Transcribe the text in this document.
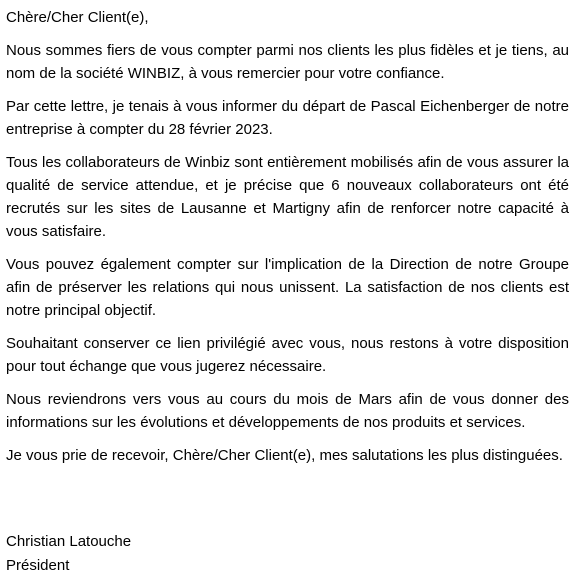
Chère/Cher Client(e),

Nous sommes fiers de vous compter parmi nos clients les plus fidèles et je tiens, au nom de la société WINBIZ, à vous remercier pour votre confiance.

Par cette lettre, je tenais à vous informer du départ de Pascal Eichenberger de notre entreprise à compter du 28 février 2023.

Tous les collaborateurs de Winbiz sont entièrement mobilisés afin de vous assurer la qualité de service attendue, et je précise que 6 nouveaux collaborateurs ont été recrutés sur les sites de Lausanne et Martigny afin de renforcer notre capacité à vous satisfaire.

Vous pouvez également compter sur l'implication de la Direction de notre Groupe afin de préserver les relations qui nous unissent. La satisfaction de nos clients est notre principal objectif.

Souhaitant conserver ce lien privilégié avec vous, nous restons à votre disposition pour tout échange que vous jugerez nécessaire.

Nous reviendrons vers vous au cours du mois de Mars afin de vous donner des informations sur les évolutions et développements de nos produits et services.

Je vous prie de recevoir, Chère/Cher Client(e), mes salutations les plus distinguées.

Christian Latouche
Président
